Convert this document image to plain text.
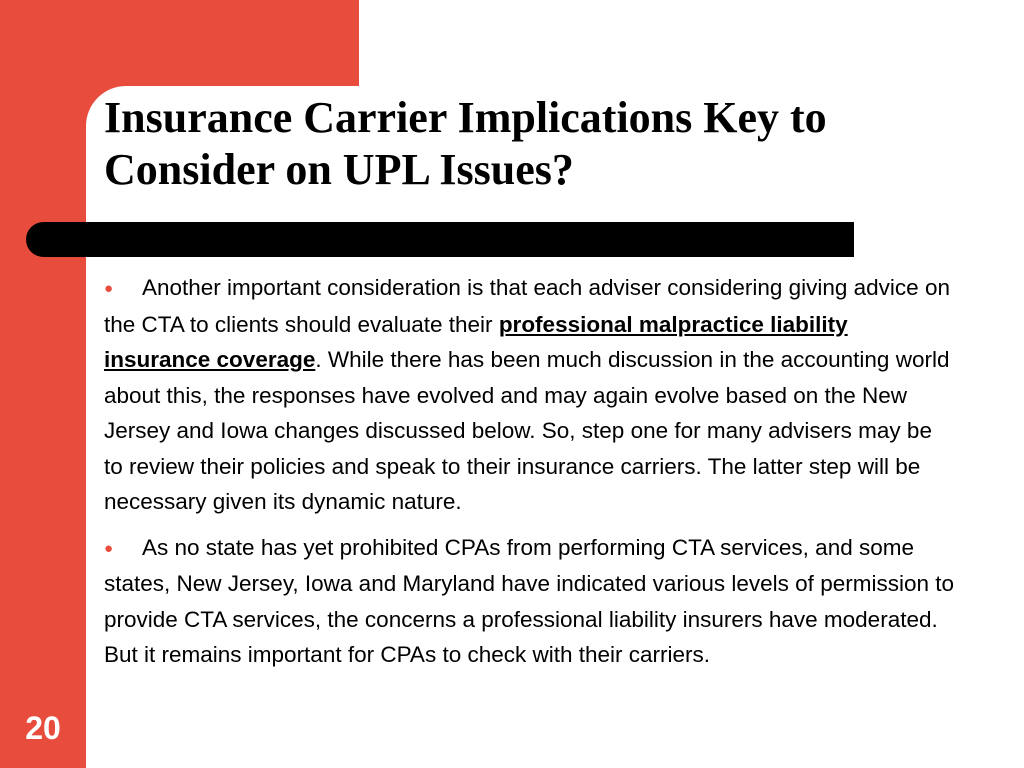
Insurance Carrier Implications Key to Consider on UPL Issues?

● Another important consideration is that each adviser considering giving advice on the CTA to clients should evaluate their professional malpractice liability insurance coverage. While there has been much discussion in the accounting world about this, the responses have evolved and may again evolve based on the New Jersey and Iowa changes discussed below. So, step one for many advisers may be to review their policies and speak to their insurance carriers. The latter step will be necessary given its dynamic nature.

● As no state has yet prohibited CPAs from performing CTA services, and some states, New Jersey, Iowa and Maryland have indicated various levels of permission to provide CTA services, the concerns a professional liability insurers have moderated. But it remains important for CPAs to check with their carriers.

20
